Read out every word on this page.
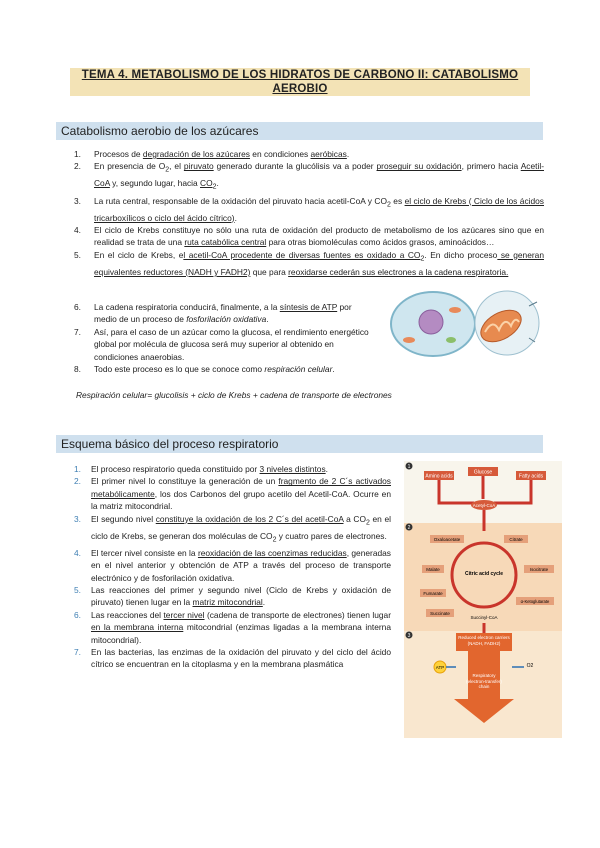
TEMA 4. METABOLISMO DE LOS HIDRATOS DE CARBONO II: CATABOLISMO
AEROBIO
Catabolismo aerobio de los azúcares
1. Procesos de degradación de los azúcares en condiciones aeróbicas.
2. En presencia de $O_2$, el piruvato generado durante la glucólisis va a poder proseguir su oxidación, primero hacia Acetil-CoA y, segundo lugar, hacia $CO_2$.
3. La ruta central, responsable de la oxidación del piruvato hacia acetil-CoA y $CO_2$ es el ciclo de Krebs ( Ciclo de los ácidos tricarboxílicos o ciclo del ácido cítrico).
4. El ciclo de Krebs constituye no sólo una ruta de oxidación del producto de metabolismo de los azúcares sino que en realidad se trata de una ruta catabólica central para otras biomoléculas como ácidos grasos, aminoácidos…
5. En el ciclo de Krebs, el acetil-CoA procedente de diversas fuentes es oxidado a $CO_2$. En dicho proceso se generan equivalentes reductores (NADH y FADH2) que para reoxidarse cederán sus electrones a la cadena respiratoria.
6. La cadena respiratoria conducirá, finalmente, a la síntesis de ATP por medio de un proceso de fosforilación oxidativa.
7. Así, para el caso de un azúcar como la glucosa, el rendimiento energético global por molécula de glucosa será muy superior al obtenido en condiciones anaerobias.
8. Todo este proceso es lo que se conoce como respiración celular.
Respiración celular= glucolisis + ciclo de Krebs + cadena de transporte de electrones
Esquema básico del proceso respiratorio
1. El proceso respiratorio queda constituido por 3 niveles distintos.
2. El primer nivel lo constituye la generación de un fragmento de 2 C´s activados metabólicamente, los dos Carbonos del grupo acetilo del Acetil-CoA. Ocurre en la matriz mitocondrial.
3. El segundo nivel constituye la oxidación de los 2 C´s del acetil-CoA a $CO_2$ en el ciclo de Krebs, se generan dos moléculas de $CO_2$ y cuatro pares de electrones.
4. El tercer nivel consiste en la reoxidación de las coenzimas reducidas, generadas en el nivel anterior y obtención de ATP a través del proceso de transporte electrónico y de fosforilación oxidativa.
5. Las reacciones del primer y segundo nivel (Ciclo de Krebs y oxidación de piruvato) tienen lugar en la matriz mitocondrial.
6. Las reacciones del tercer nivel (cadena de transporte de electrones) tienen lugar en la membrana interna mitocondrial (enzimas ligadas a la membrana interna mitocondrial).
7. En las bacterias, las enzimas de la oxidación del piruvato y del ciclo del ácido cítrico se encuentran en la citoplasma y en la membrana plasmática
1
2
3
Amino acids
Glucose
Fatty acids
Acetyl-CoA
Oxaloacetate	Citrate
Malate
Fumarate
Succinate
Isocitrate
α-Ketoglutarate
Succinyl-CoA
Citric acid cycle
Reduced electron carriers (NADH, FADH2)
Respiratory (electron-transfer) chain
ATP	O2
